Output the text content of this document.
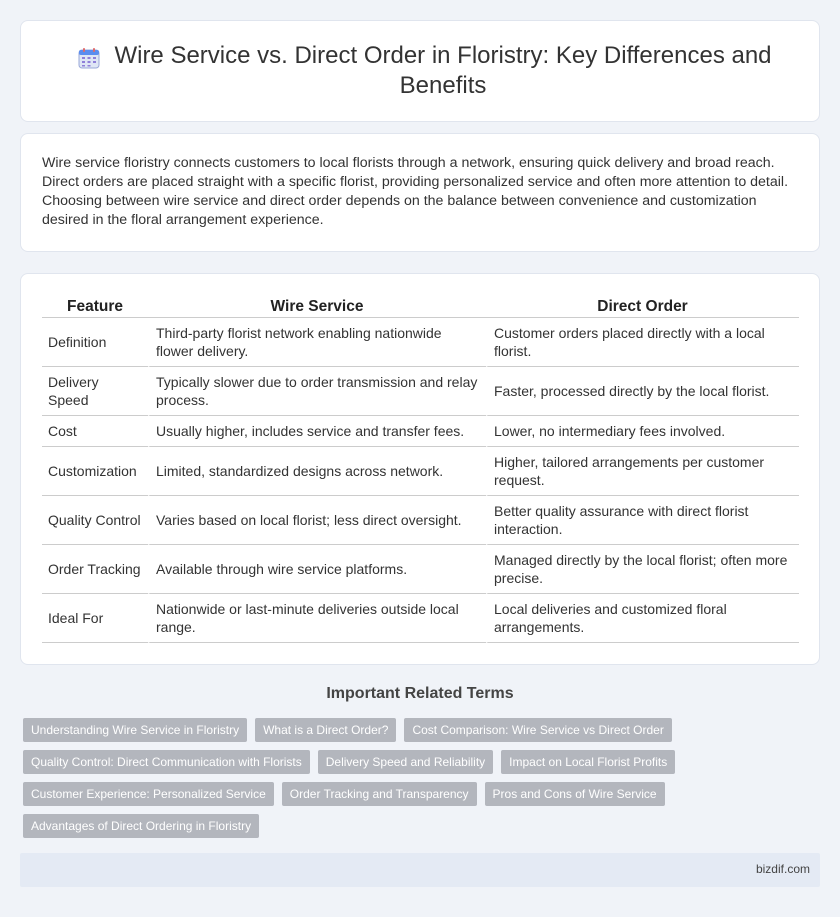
Wire Service vs. Direct Order in Floristry: Key Differences and Benefits

Wire service floristry connects customers to local florists through a network, ensuring quick delivery and broad reach. Direct orders are placed straight with a specific florist, providing personalized service and often more attention to detail. Choosing between wire service and direct order depends on the balance between convenience and customization desired in the floral arrangement experience.

Feature	Wire Service	Direct Order
Definition	Third-party florist network enabling nationwide flower delivery.	Customer orders placed directly with a local florist.
Delivery Speed	Typically slower due to order transmission and relay process.	Faster, processed directly by the local florist.
Cost	Usually higher, includes service and transfer fees.	Lower, no intermediary fees involved.
Customization	Limited, standardized designs across network.	Higher, tailored arrangements per customer request.
Quality Control	Varies based on local florist; less direct oversight.	Better quality assurance with direct florist interaction.
Order Tracking	Available through wire service platforms.	Managed directly by the local florist; often more precise.
Ideal For	Nationwide or last-minute deliveries outside local range.	Local deliveries and customized floral arrangements.
Important Related Terms
Understanding Wire Service in Floristry	What is a Direct Order?	Cost Comparison: Wire Service vs Direct Order
Quality Control: Direct Communication with Florists	Delivery Speed and Reliability	Impact on Local Florist Profits
Customer Experience: Personalized Service	Order Tracking and Transparency	Pros and Cons of Wire Service
Advantages of Direct Ordering in Floristry
bizdif.com
